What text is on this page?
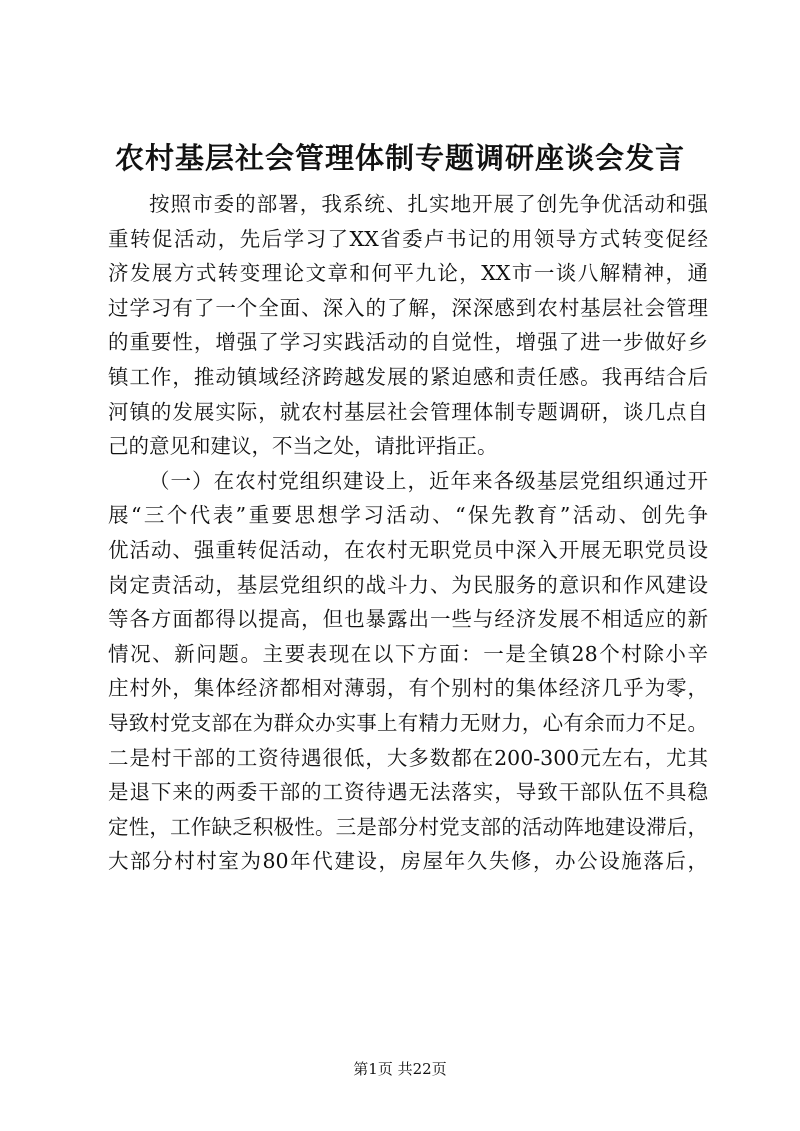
农村基层社会管理体制专题调研座谈会发言
按照市委的部署，我系统、扎实地开展了创先争优活动和强
重转促活动，先后学习了XX省委卢书记的用领导方式转变促经
济发展方式转变理论文章和何平九论，XX市一谈八解精神，通
过学习有了一个全面、深入的了解，深深感到农村基层社会管理
的重要性，增强了学习实践活动的自觉性，增强了进一步做好乡
镇工作，推动镇域经济跨越发展的紧迫感和责任感。我再结合后
河镇的发展实际，就农村基层社会管理体制专题调研，谈几点自
己的意见和建议，不当之处，请批评指正。
（一）在农村党组织建设上，近年来各级基层党组织通过开
展“三个代表”重要思想学习活动、“保先教育”活动、创先争
优活动、强重转促活动，在农村无职党员中深入开展无职党员设
岗定责活动，基层党组织的战斗力、为民服务的意识和作风建设
等各方面都得以提高，但也暴露出一些与经济发展不相适应的新
情况、新问题。主要表现在以下方面：一是全镇28个村除小辛
庄村外，集体经济都相对薄弱，有个别村的集体经济几乎为零，
导致村党支部在为群众办实事上有精力无财力，心有余而力不足。
二是村干部的工资待遇很低，大多数都在200-300元左右，尤其
是退下来的两委干部的工资待遇无法落实，导致干部队伍不具稳
定性，工作缺乏积极性。三是部分村党支部的活动阵地建设滞后，
大部分村村室为80年代建设，房屋年久失修，办公设施落后，
第1页 共22页
